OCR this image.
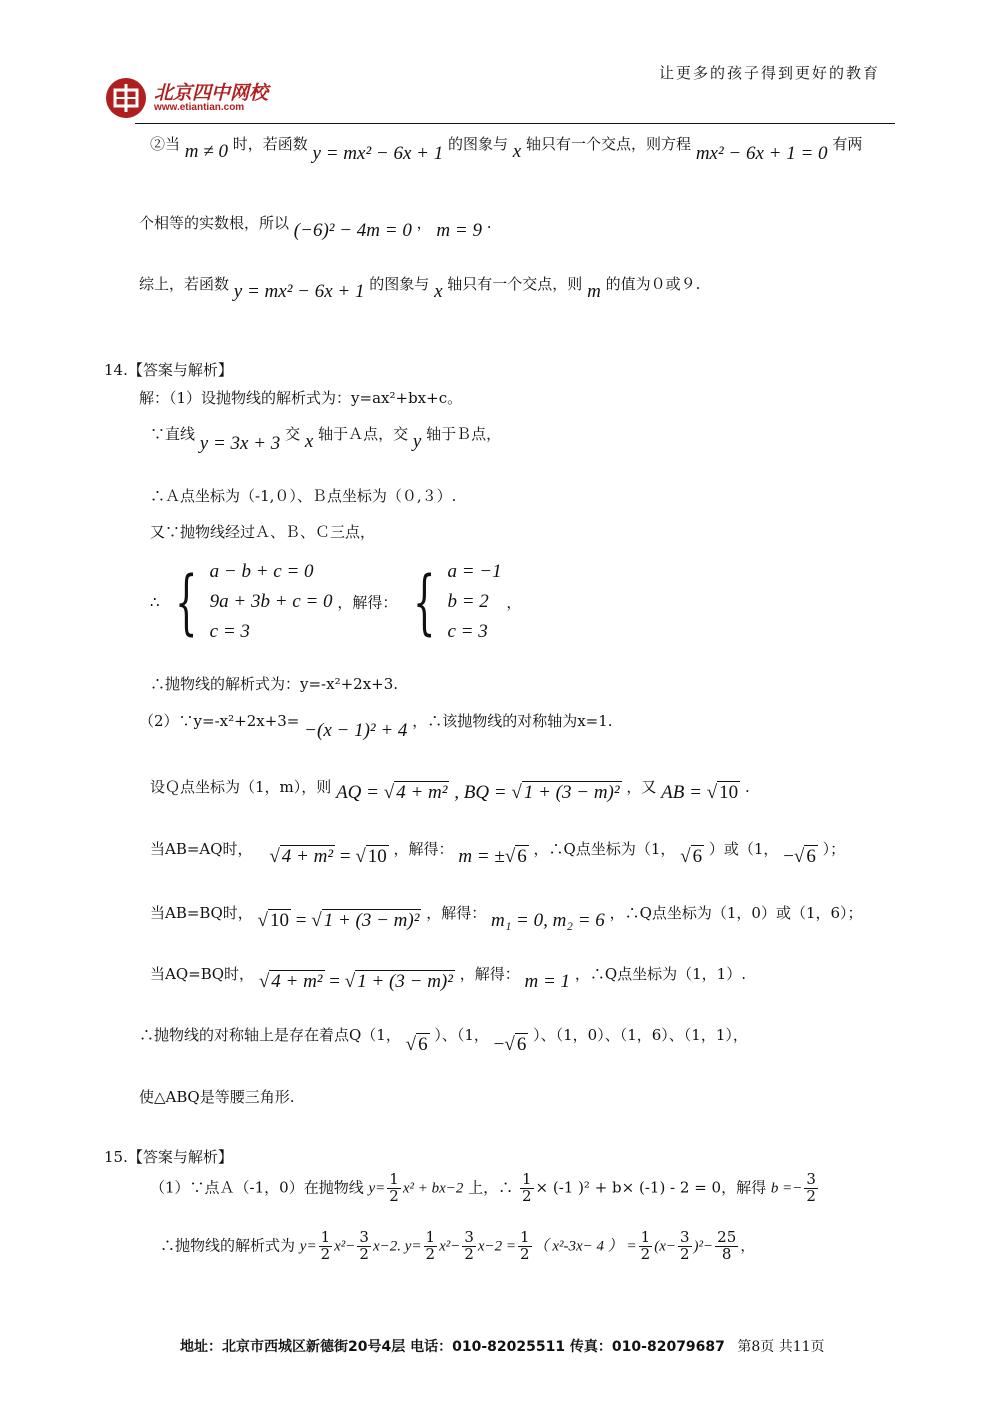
北京四中网校
www.etiantian.com
让更多的孩子得到更好的教育
②当 m ≠ 0 时，若函数 y = mx² − 6x + 1 的图象与 x 轴只有一个交点，则方程 mx² − 6x + 1 = 0 有两
个相等的实数根，所以 (−6)² − 4m = 0 ， m = 9 .
综上，若函数 y = mx² − 6x + 1 的图象与 x 轴只有一个交点，则 m 的值为０或９.
14.【答案与解析】
解：（1）设抛物线的解析式为：y=ax²+bx+c。
∵直线 y = 3x + 3 交 x 轴于Ａ点，交 y 轴于Ｂ点，
∴Ａ点坐标为（-1,０）、Ｂ点坐标为（０,３）.
又∵抛物线经过Ａ、Ｂ、Ｃ三点，
∴ { a − b + c = 0
9a + 3b + c = 0
c = 3 ，解得： { a = −1
b = 2
c = 3 ，
∴抛物线的解析式为：y=-x²+2x+3.
（2）∵y=-x²+2x+3= −(x − 1)² + 4 ，∴该抛物线的对称轴为x=1.
设Ｑ点坐标为（1，m），则 AQ = √ 4 + m² , BQ = √ 1 + (3 − m)² ，又 AB = √ 10 .
当AB=AQ时， √ 4 + m² = √ 10 ，解得： m = ±√ 6 ，∴Q点坐标为（1， √ 6 ）或（1， −√ 6 ）；
当AB=BQ时， √ 10 = √ 1 + (3 − m)² ，解得： m₁ = 0, m₂ = 6 ，∴Q点坐标为（1，0）或（1，6）；
当AQ=BQ时， √ 4 + m² = √ 1 + (3 − m)² ，解得： m = 1 ，∴Q点坐标为（1，1）.
∴抛物线的对称轴上是存在着点Q（1， √ 6 ）、（1， −√ 6 ）、（1，0）、（1，6）、（1，1），
使△ABQ是等腰三角形.
15.【答案与解析】
（1）∵点Ａ（-1，0）在抛物线 $y= \frac{1}{2} x^2 + bx-2$ 上，∴ $\frac{1}{2} \times (-1$ )² + b× (-1) - 2 = 0，解得 $b =- \frac{3}{2}$
∴抛物线的解析式为 $y= \frac{1}{2} x^2- \frac{3}{2} x-2$. $y= \frac{1}{2} x^2- \frac{3}{2} x-2 = \frac{1}{2}$ （ x²-3x− 4 ） = $\frac{1}{2} (x- \frac{3}{2} )^2- \frac{25}{8}$ ，
地址：北京市西城区新德街20号4层 电话：010-82025511 传真：010-82079687 第8页 共11页
